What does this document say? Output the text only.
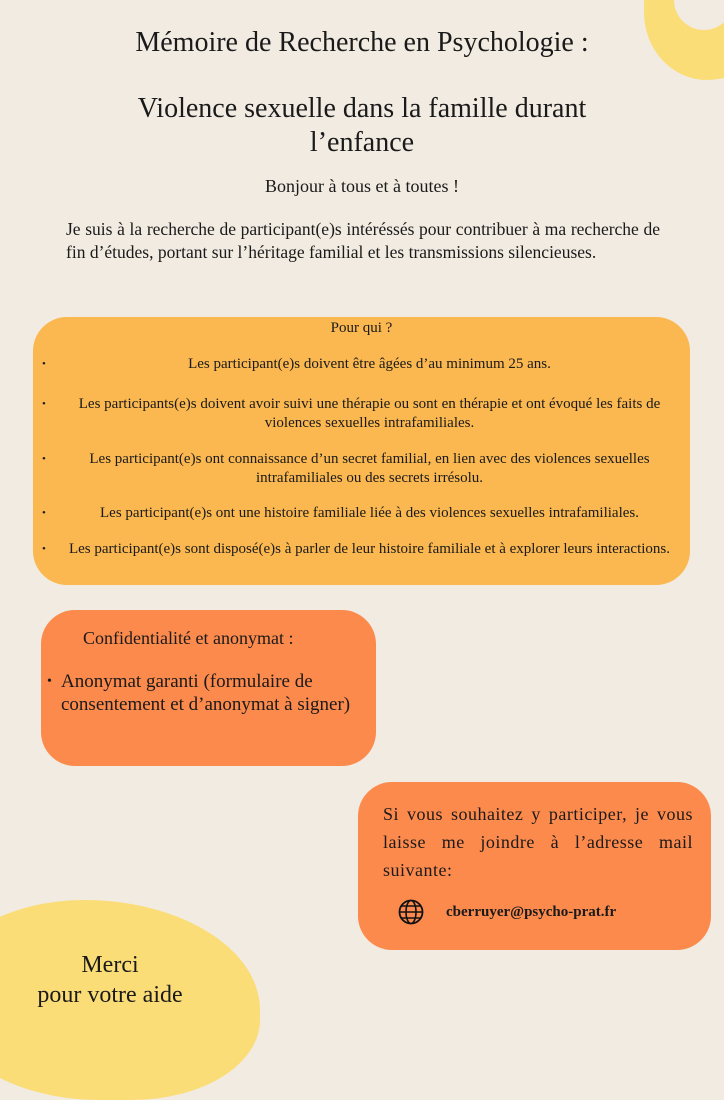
Mémoire de Recherche en Psychologie :
Violence sexuelle dans la famille durant
l’enfance
Bonjour à tous et à toutes !

Je suis à la recherche de participant(e)s intéréssés pour contribuer à ma recherche de fin d’études, portant sur l’héritage familial et les transmissions silencieuses.

Pour qui ?
•	Les participant(e)s doivent être âgées d’au minimum 25 ans.
•	Les participants(e)s doivent avoir suivi une thérapie ou sont en thérapie et ont évoqué les faits de violences sexuelles intrafamiliales.
•	Les participant(e)s ont connaissance d’un secret familial, en lien avec des violences sexuelles intrafamiliales ou des secrets irrésolu.
•	Les participant(e)s ont une histoire familiale liée à des violences sexuelles intrafamiliales.
•	Les participant(e)s sont disposé(e)s à parler de leur histoire familiale et à explorer leurs interactions.
Confidentialité et anonymat :
• Anonymat garanti (formulaire de consentement et d’anonymat à signer)
Si vous souhaitez y participer, je vous laisse me joindre à l’adresse mail suivante:
cberruyer@psycho-prat.fr
Merci
pour votre aide
